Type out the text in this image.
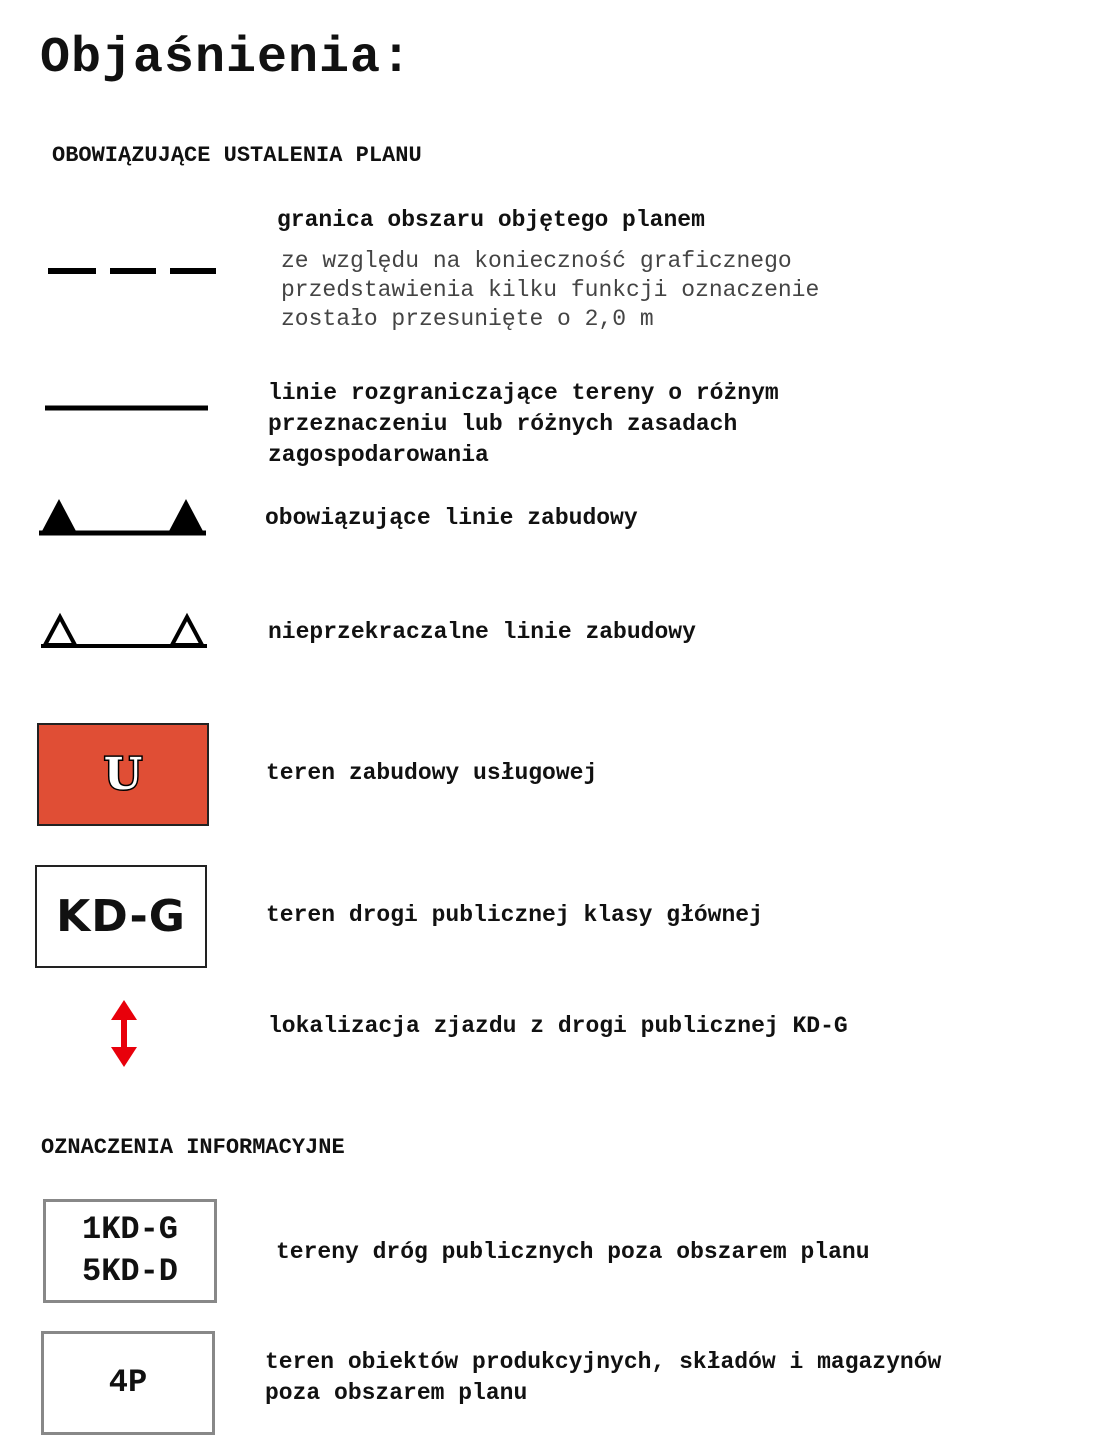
Objaśnienia:
OBOWIĄZUJĄCE USTALENIA PLANU
granica obszaru objętego planem
ze względu na konieczność graficznego
przedstawienia kilku funkcji oznaczenie
zostało przesunięte o 2,0 m
linie rozgraniczające tereny o różnym
przeznaczeniu lub różnych zasadach
zagospodarowania
obowiązujące linie zabudowy
nieprzekraczalne linie zabudowy
U	teren zabudowy usługowej
KD-G	teren drogi publicznej klasy głównej
lokalizacja zjazdu z drogi publicznej KD-G
OZNACZENIA INFORMACYJNE
1KD-G
5KD-D
tereny dróg publicznych poza obszarem planu
4P
teren obiektów produkcyjnych, składów i magazynów
poza obszarem planu
